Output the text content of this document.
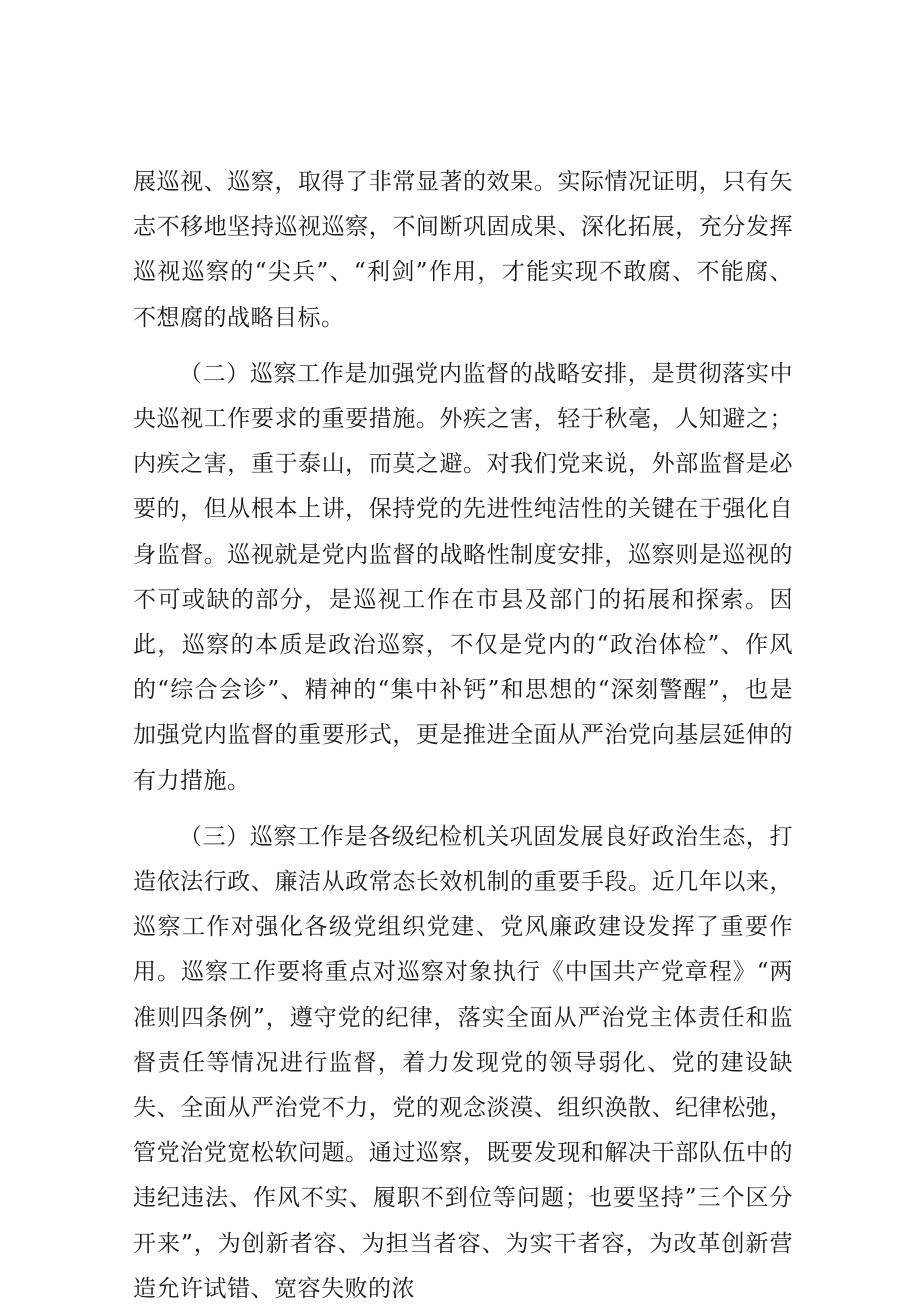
展巡视、巡察，取得了非常显著的效果。实际情况证明，只有矢志不移地坚持巡视巡察，不间断巩固成果、深化拓展，充分发挥巡视巡察的“尖兵”、“利剑”作用，才能实现不敢腐、不能腐、不想腐的战略目标。

（二）巡察工作是加强党内监督的战略安排，是贯彻落实中央巡视工作要求的重要措施。外疾之害，轻于秋毫，人知避之；内疾之害，重于泰山，而莫之避。对我们党来说，外部监督是必要的，但从根本上讲，保持党的先进性纯洁性的关键在于强化自身监督。巡视就是党内监督的战略性制度安排，巡察则是巡视的不可或缺的部分，是巡视工作在市县及部门的拓展和探索。因此，巡察的本质是政治巡察，不仅是党内的“政治体检”、作风的“综合会诊”、精神的“集中补钙”和思想的“深刻警醒”，也是加强党内监督的重要形式，更是推进全面从严治党向基层延伸的有力措施。

（三）巡察工作是各级纪检机关巩固发展良好政治生态，打造依法行政、廉洁从政常态长效机制的重要手段。近几年以来，巡察工作对强化各级党组织党建、党风廉政建设发挥了重要作用。巡察工作要将重点对巡察对象执行《中国共产党章程》“两准则四条例”，遵守党的纪律，落实全面从严治党主体责任和监督责任等情况进行监督，着力发现党的领导弱化、党的建设缺失、全面从严治党不力，党的观念淡漠、组织涣散、纪律松弛，管党治党宽松软问题。通过巡察，既要发现和解决干部队伍中的违纪违法、作风不实、履职不到位等问题；也要坚持”三个区分开来”，为创新者容、为担当者容、为实干者容，为改革创新营造允许试错、宽容失败的浓
